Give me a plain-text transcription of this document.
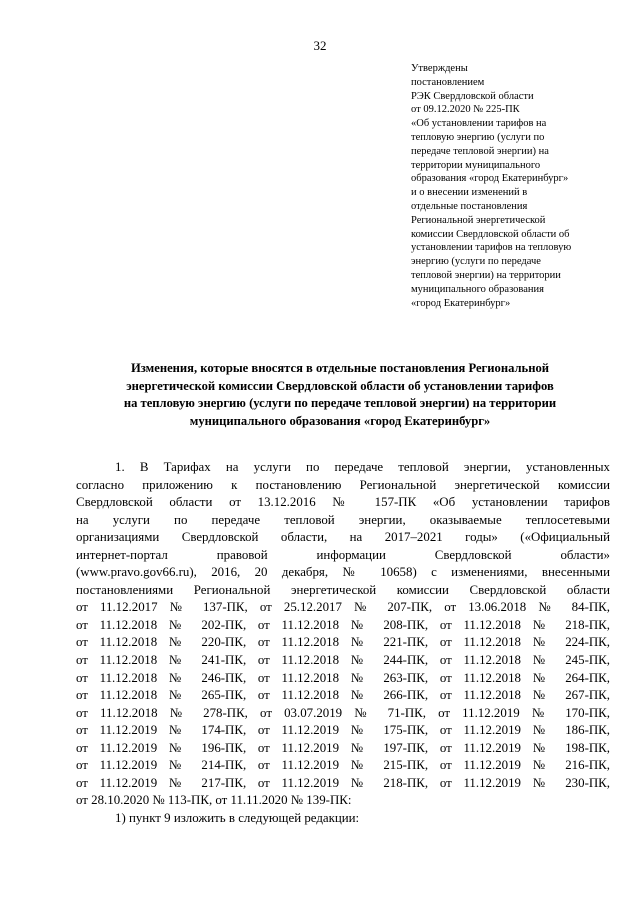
32
Утверждены
постановлением
РЭК Свердловской области
от 09.12.2020 № 225-ПК
«Об установлении тарифов на
тепловую энергию (услуги по
передаче тепловой энергии) на
территории муниципального
образования «город Екатеринбург»
и о внесении изменений в
отдельные постановления
Региональной энергетической
комиссии Свердловской области об
установлении тарифов на тепловую
энергию (услуги по передаче
тепловой энергии) на территории
муниципального образования
«город Екатеринбург»
Изменения, которые вносятся в отдельные постановления Региональной
энергетической комиссии Свердловской области об установлении тарифов
на тепловую энергию (услуги по передаче тепловой энергии) на территории
муниципального образования «город Екатеринбург»
1. В Тарифах на услуги по передаче тепловой энергии, установленных
согласно приложению к постановлению Региональной энергетической комиссии
Свердловской области от 13.12.2016 № 157-ПК «Об установлении тарифов
на услуги по передаче тепловой энергии, оказываемые теплосетевыми
организациями Свердловской области, на 2017–2021 годы» («Официальный
интернет-портал правовой информации Свердловской области»
(www.pravo.gov66.ru), 2016, 20 декабря, № 10658) с изменениями, внесенными
постановлениями Региональной энергетической комиссии Свердловской области
от 11.12.2017 № 137-ПК, от 25.12.2017 № 207-ПК, от 13.06.2018 № 84-ПК,
от 11.12.2018 № 202-ПК, от 11.12.2018 № 208-ПК, от 11.12.2018 № 218-ПК,
от 11.12.2018 № 220-ПК, от 11.12.2018 № 221-ПК, от 11.12.2018 № 224-ПК,
от 11.12.2018 № 241-ПК, от 11.12.2018 № 244-ПК, от 11.12.2018 № 245-ПК,
от 11.12.2018 № 246-ПК, от 11.12.2018 № 263-ПК, от 11.12.2018 № 264-ПК,
от 11.12.2018 № 265-ПК, от 11.12.2018 № 266-ПК, от 11.12.2018 № 267-ПК,
от 11.12.2018 № 278-ПК, от 03.07.2019 № 71-ПК, от 11.12.2019 № 170-ПК,
от 11.12.2019 № 174-ПК, от 11.12.2019 № 175-ПК, от 11.12.2019 № 186-ПК,
от 11.12.2019 № 196-ПК, от 11.12.2019 № 197-ПК, от 11.12.2019 № 198-ПК,
от 11.12.2019 № 214-ПК, от 11.12.2019 № 215-ПК, от 11.12.2019 № 216-ПК,
от 11.12.2019 № 217-ПК, от 11.12.2019 № 218-ПК, от 11.12.2019 № 230-ПК,
от 28.10.2020 № 113-ПК, от 11.11.2020 № 139-ПК:
1) пункт 9 изложить в следующей редакции:
